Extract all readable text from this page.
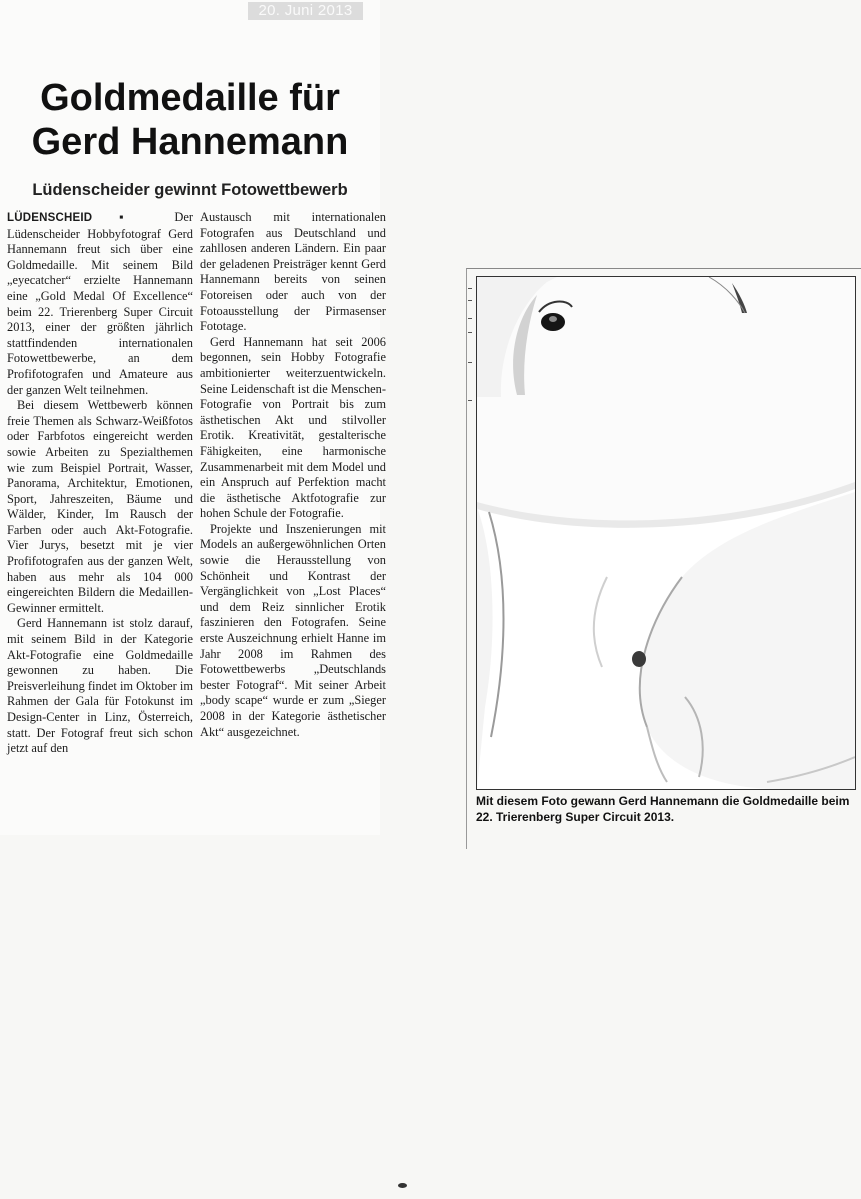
20. Juni 2013
Goldmedaille für Gerd Hannemann
Lüdenscheider gewinnt Fotowettbewerb

LÜDENSCHEID ▪ Der Lüdenscheider Hobbyfotograf Gerd Hannemann freut sich über eine Goldmedaille. Mit seinem Bild „eyecatcher“ erzielte Hannemann eine „Gold Medal Of Excellence“ beim 22. Trierenberg Super Circuit 2013, einer der größten jährlich stattfindenden internationalen Fotowettbewerbe, an dem Profifotografen und Amateure aus der ganzen Welt teilnehmen.

Bei diesem Wettbewerb können freie Themen als Schwarz-Weißfotos oder Farbfotos eingereicht werden sowie Arbeiten zu Spezialthemen wie zum Beispiel Portrait, Wasser, Panorama, Architektur, Emotionen, Sport, Jahreszeiten, Bäume und Wälder, Kinder, Im Rausch der Farben oder auch Akt-Fotografie. Vier Jurys, besetzt mit je vier Profifotografen aus der ganzen Welt, haben aus mehr als 104 000 eingereichten Bildern die Medaillen-Gewinner ermittelt.

Gerd Hannemann ist stolz darauf, mit seinem Bild in der Kategorie Akt-Fotografie eine Goldmedaille gewonnen zu haben. Die Preisverleihung findet im Oktober im Rahmen der Gala für Fotokunst im Design-Center in Linz, Österreich, statt. Der Fotograf freut sich schon jetzt auf den

Austausch mit internationalen Fotografen aus Deutschland und zahllosen anderen Ländern. Ein paar der geladenen Preisträger kennt Gerd Hannemann bereits von seinen Fotoreisen oder auch von der Fotoausstellung der Pirmasenser Fototage.

Gerd Hannemann hat seit 2006 begonnen, sein Hobby Fotografie ambitionierter weiterzuentwickeln. Seine Leidenschaft ist die Menschen-Fotografie von Portrait bis zum ästhetischen Akt und stilvoller Erotik. Kreativität, gestalterische Fähigkeiten, eine harmonische Zusammenarbeit mit dem Model und ein Anspruch auf Perfektion macht die ästhetische Aktfotografie zur hohen Schule der Fotografie.

Projekte und Inszenierungen mit Models an außergewöhnlichen Orten sowie die Herausstellung von Schönheit und Kontrast der Vergänglichkeit von „Lost Places“ und dem Reiz sinnlicher Erotik faszinieren den Fotografen. Seine erste Auszeichnung erhielt Hanne im Jahr 2008 im Rahmen des Fotowettbewerbs „Deutschlands bester Fotograf“. Mit seiner Arbeit „body scape“ wurde er zum „Sieger 2008 in der Kategorie ästhetischer Akt“ ausgezeichnet.

Mit diesem Foto gewann Gerd Hannemann die Goldmedaille beim 22. Trierenberg Super Circuit 2013.
